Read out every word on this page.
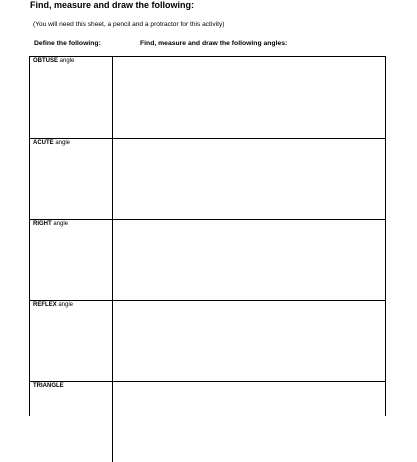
Find, measure and draw the following:
(You will need this sheet, a pencil and a protractor for this activity)
Define the following:	Find, measure and draw the following angles:
OBTUSE angle
ACUTE angle
RIGHT angle
REFLEX angle
TRIANGLE
